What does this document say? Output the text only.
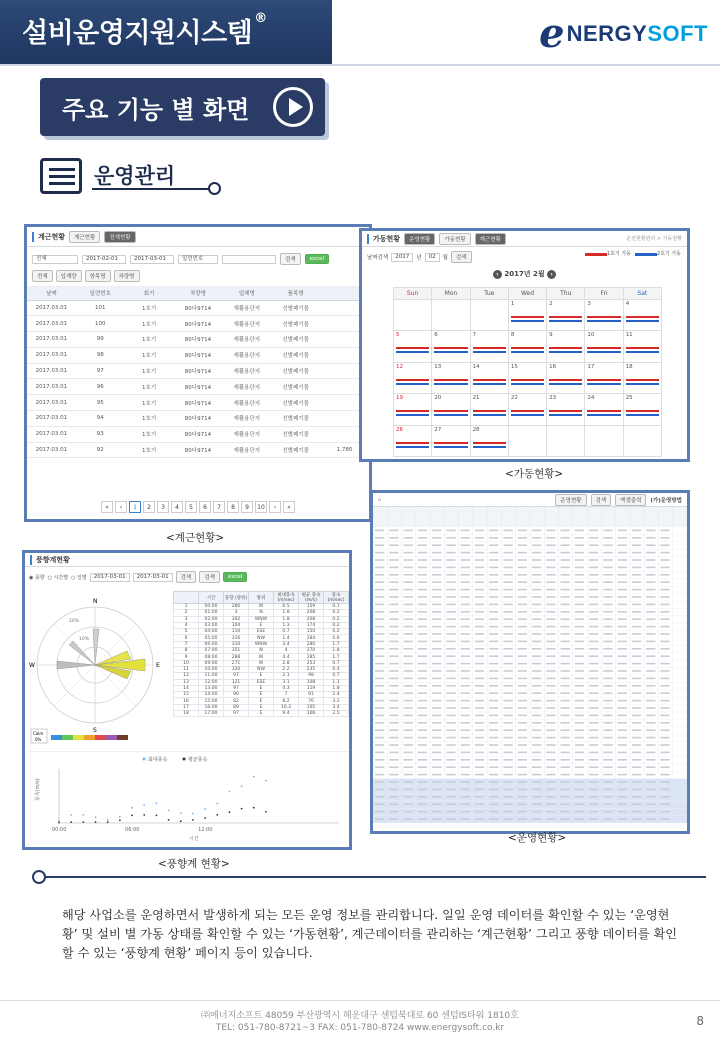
설비운영지원시스템 ®	e NERGY SOFT
주요 기능 별 화면
운영관리
계근현황	계근현황	전개현황
전체	2017-02-01	2017-03-01	일련번호	검색	excel
전체	입재량	항목명	차량명
날짜	일련번호	회기	차량명	업체명	품목명	
2017.03.01	101	1호기	80다9714	재활용단지	선별폐기물	
2017.03.01	100	1호기	80다9714	재활용단지	선별폐기물	
2017.03.01	99	1호기	80다9714	재활용단지	선별폐기물	
2017.03.01	98	1호기	80다9714	재활용단지	선별폐기물	
2017.03.01	97	1호기	80다9714	재활용단지	선별폐기물	
2017.03.01	96	1호기	80다9714	재활용단지	선별폐기물	
2017.03.01	95	1호기	80다9714	재활용단지	선별폐기물	
2017.03.01	94	1호기	80다9714	재활용단지	선별폐기물	
2017.03.01	93	1호기	80다9714	재활용단지	선별폐기물	
2017.03.01	92	1호기	80다9714	재활용단지	선별폐기물	1,780
« ‹ 1 2 3 4 5 6 7 8 9 10 › »
<계근현황>
가동현황	운영현황	가동현황	계근현황	운전현황관리 > 가동현황
날짜검색	2017	년	02	월	검색
1호기 가동	2호기 가동
‹ 2017년 2월 ›
Sun	Mon	Tue	Wed	Thu	Fri	Sat
			1	2	3	4

5	6	7	8	9	10	11

12	13	14	15	16	17	18

19	20	21	22	23	24	25

26	27	28

<가동현황>
⌂	운영현황	검색	엑셀출력	(가)운영방법
<운영현황>
풍향계현황
◉ 풍향 ○ 시간별 ○ 일별	2017-03-01	2017-03-01	검색	검색	excel
N
E
S
W
20%
10%
Calm
0%
	시간	풍향 (방위)	방위	최대풍속 (m/sec)	평균 풍속(m/s)	풍속 (m/sec)
1	00:00	280	W	0.5	159	0.1
2	01:00	3	N	1.8	208	0.2
3	02:00	302	WNW	1.8	208	0.2
4	03:00	104	E	1.3	174	0.2
5	04:00	110	ESE	0.7	150	0.2
6	05:00	316	NW	1.4	284	0.6
7	06:00	310	WNW	3.4	280	1.7
8	07:00	351	N	4	270	1.8
9	08:00	288	W	4.4	285	1.7
10	09:00	271	W	2.8	253	0.7
11	10:00	320	NW	2.2	235	0.4
12	11:00	97	E	2.1	98	0.7
13	12:00	121	ESE	3.1	108	1.1
14	13:00	97	E	4.3	119	1.8
15	14:00	90	E	7	91	2.4
16	15:00	82	E	8.2	76	3.2
17	16:00	89	E	10.3	105	3.4
18	17:00	97	E	9.4	106	2.5
최대풍속	평균풍속
00:00	06:00	12:00
시간
풍속(m/s)
<풍향계 현황>
해당 사업소를 운영하면서 발생하게 되는 모든 운영 정보를 관리합니다. 일일 운영 데이터를 확인할 수 있는 ‘운영현황’ 및 설비 별 가동 상태를 확인할 수 있는 ‘가동현황’, 계근데이터를 관리하는 ‘계근현황’ 그리고 풍향 데이터를 확인할 수 있는 ‘풍향계 현황’ 페이지 등이 있습니다.
㈜에너지소프트 48059 부산광역시 해운대구 센텀북대로 60 센텀IS타워 1810호
TEL: 051-780-8721~3 FAX: 051-780-8724 www.energysoft.co.kr	8
